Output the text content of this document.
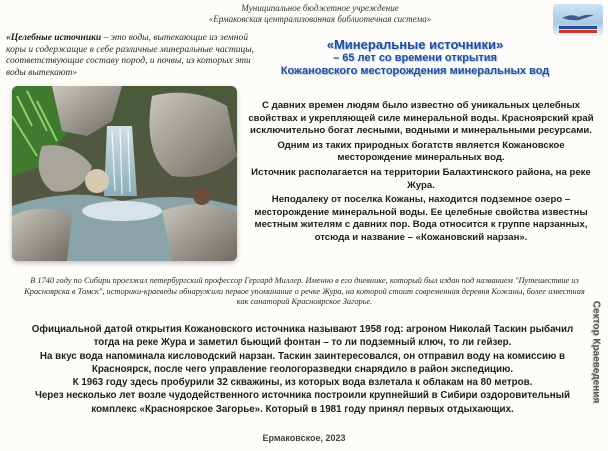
Муниципальное бюджетное учреждение
«Ермаковская централизованная библиотечная система»
«Целебные источники – это воды, вытекающие из земной коры и содержащие в себе различные минеральные частицы, соответствующие составу пород, и почвы, из которых эти воды вытекают»
«Минеральные источники»
– 65 лет со времени открытия
Кожановского месторождения минеральных вод

С давних времен людям было известно об уникальных целебных свойствах и укрепляющей силе минеральной воды. Красноярский край исключительно богат лесными, водными и минеральными ресурсами.

Одним из таких природных богатств является Кожановское месторождение минеральных вод.

Источник располагается на территории Балахтинского района, на реке Жура.

Неподалеку от поселка Кожаны, находится подземное озеро – месторождение минеральной воды. Ее целебные свойства известны местным жителям с давних пор. Вода относится к группе нарзанных, отсюда и название – «Кожановский нарзан».

В 1740 году по Сибири проезжал петербургский профессор Гергард Миллер. Именно в его дневнике, который был издан под названием "Путешествие из Красноярска в Томск", историки-краеведы обнаружили первое упоминание о речке Жура, на которой стоит современная деревня Кожаны, более известная как санаторий Красноярское Загорье.	Сектор Краеведения

Официальной датой открытия Кожановского источника называют 1958 год: агроном Николай Таскин рыбачил тогда на реке Жура и заметил бьющий фонтан – то ли подземный ключ, то ли гейзер.

На вкус вода напоминала кисловодский нарзан. Таскин заинтересовался, он отправил воду на комиссию в Красноярск, после чего управление геологоразведки снарядило в район экспедицию.

К 1963 году здесь пробурили 32 скважины, из которых вода взлетала к облакам на 80 метров.

Через несколько лет возле чудодейственного источника построили крупнейший в Сибири оздоровительный комплекс «Красноярское Загорье». Который в 1981 году принял первых отдыхающих.

Ермаковское, 2023
